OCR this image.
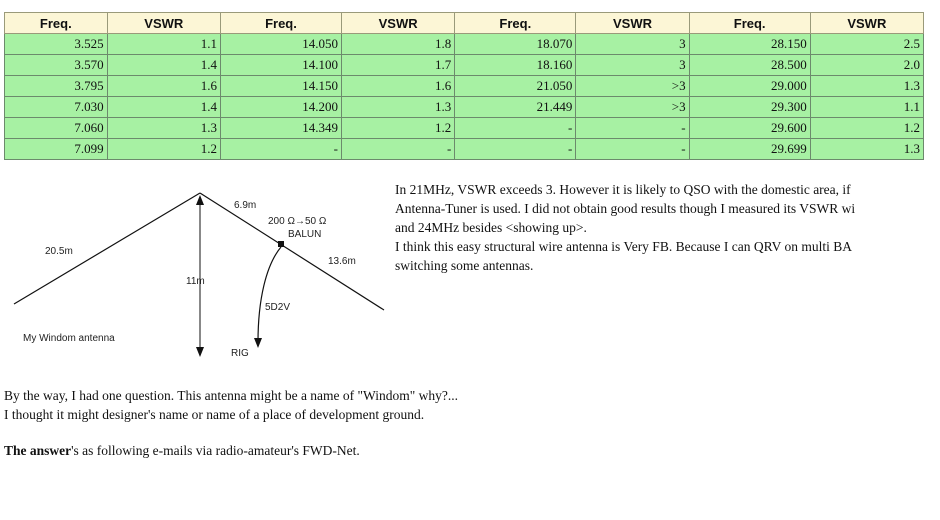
Freq.	VSWR	Freq.	VSWR	Freq.	VSWR	Freq.	VSWR
3.525	1.1	14.050	1.8	18.070	3	28.150	2.5
3.570	1.4	14.100	1.7	18.160	3	28.500	2.0
3.795	1.6	14.150	1.6	21.050	>3	29.000	1.3
7.030	1.4	14.200	1.3	21.449	>3	29.300	1.1
7.060	1.3	14.349	1.2	-	-	29.600	1.2
7.099	1.2	-	-	-	-	29.699	1.3
20.5m
6.9m
200 Ω→50 Ω
BALUN
13.6m
11m
5D2V
RIG
My Windom antenna
In 21MHz, VSWR exceeds 3. However it is likely to QSO with the domestic area, if
Antenna-Tuner is used. I did not obtain good results though I measured its VSWR wi
and 24MHz besides <showing up>.
I think this easy structural wire antenna is Very FB. Because I can QRV on multi BA
switching some antennas.
By the way, I had one question. This antenna might be a name of "Windom" why?...
I thought it might designer's name or name of a place of development ground.
The answer's as following e-mails via radio-amateur's FWD-Net.
